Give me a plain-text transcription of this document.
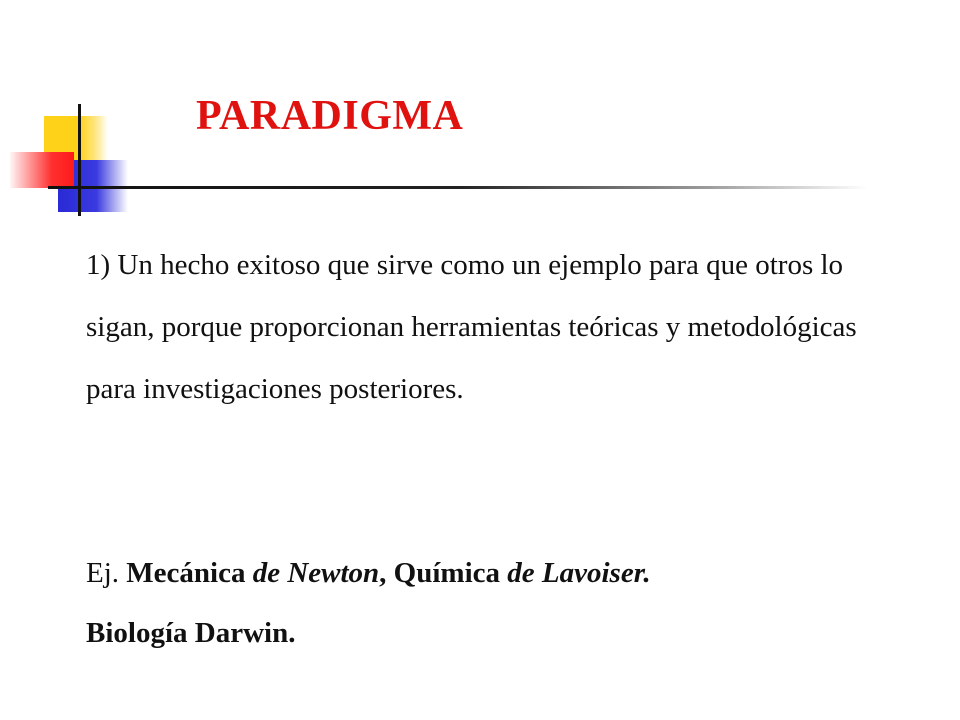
PARADIGMA

1) Un hecho exitoso que sirve como un ejemplo para que otros lo sigan, porque proporcionan herramientas teóricas y metodológicas para investigaciones posteriores.

Ej. Mecánica de Newton, Química de Lavoiser.
Biología Darwin.
